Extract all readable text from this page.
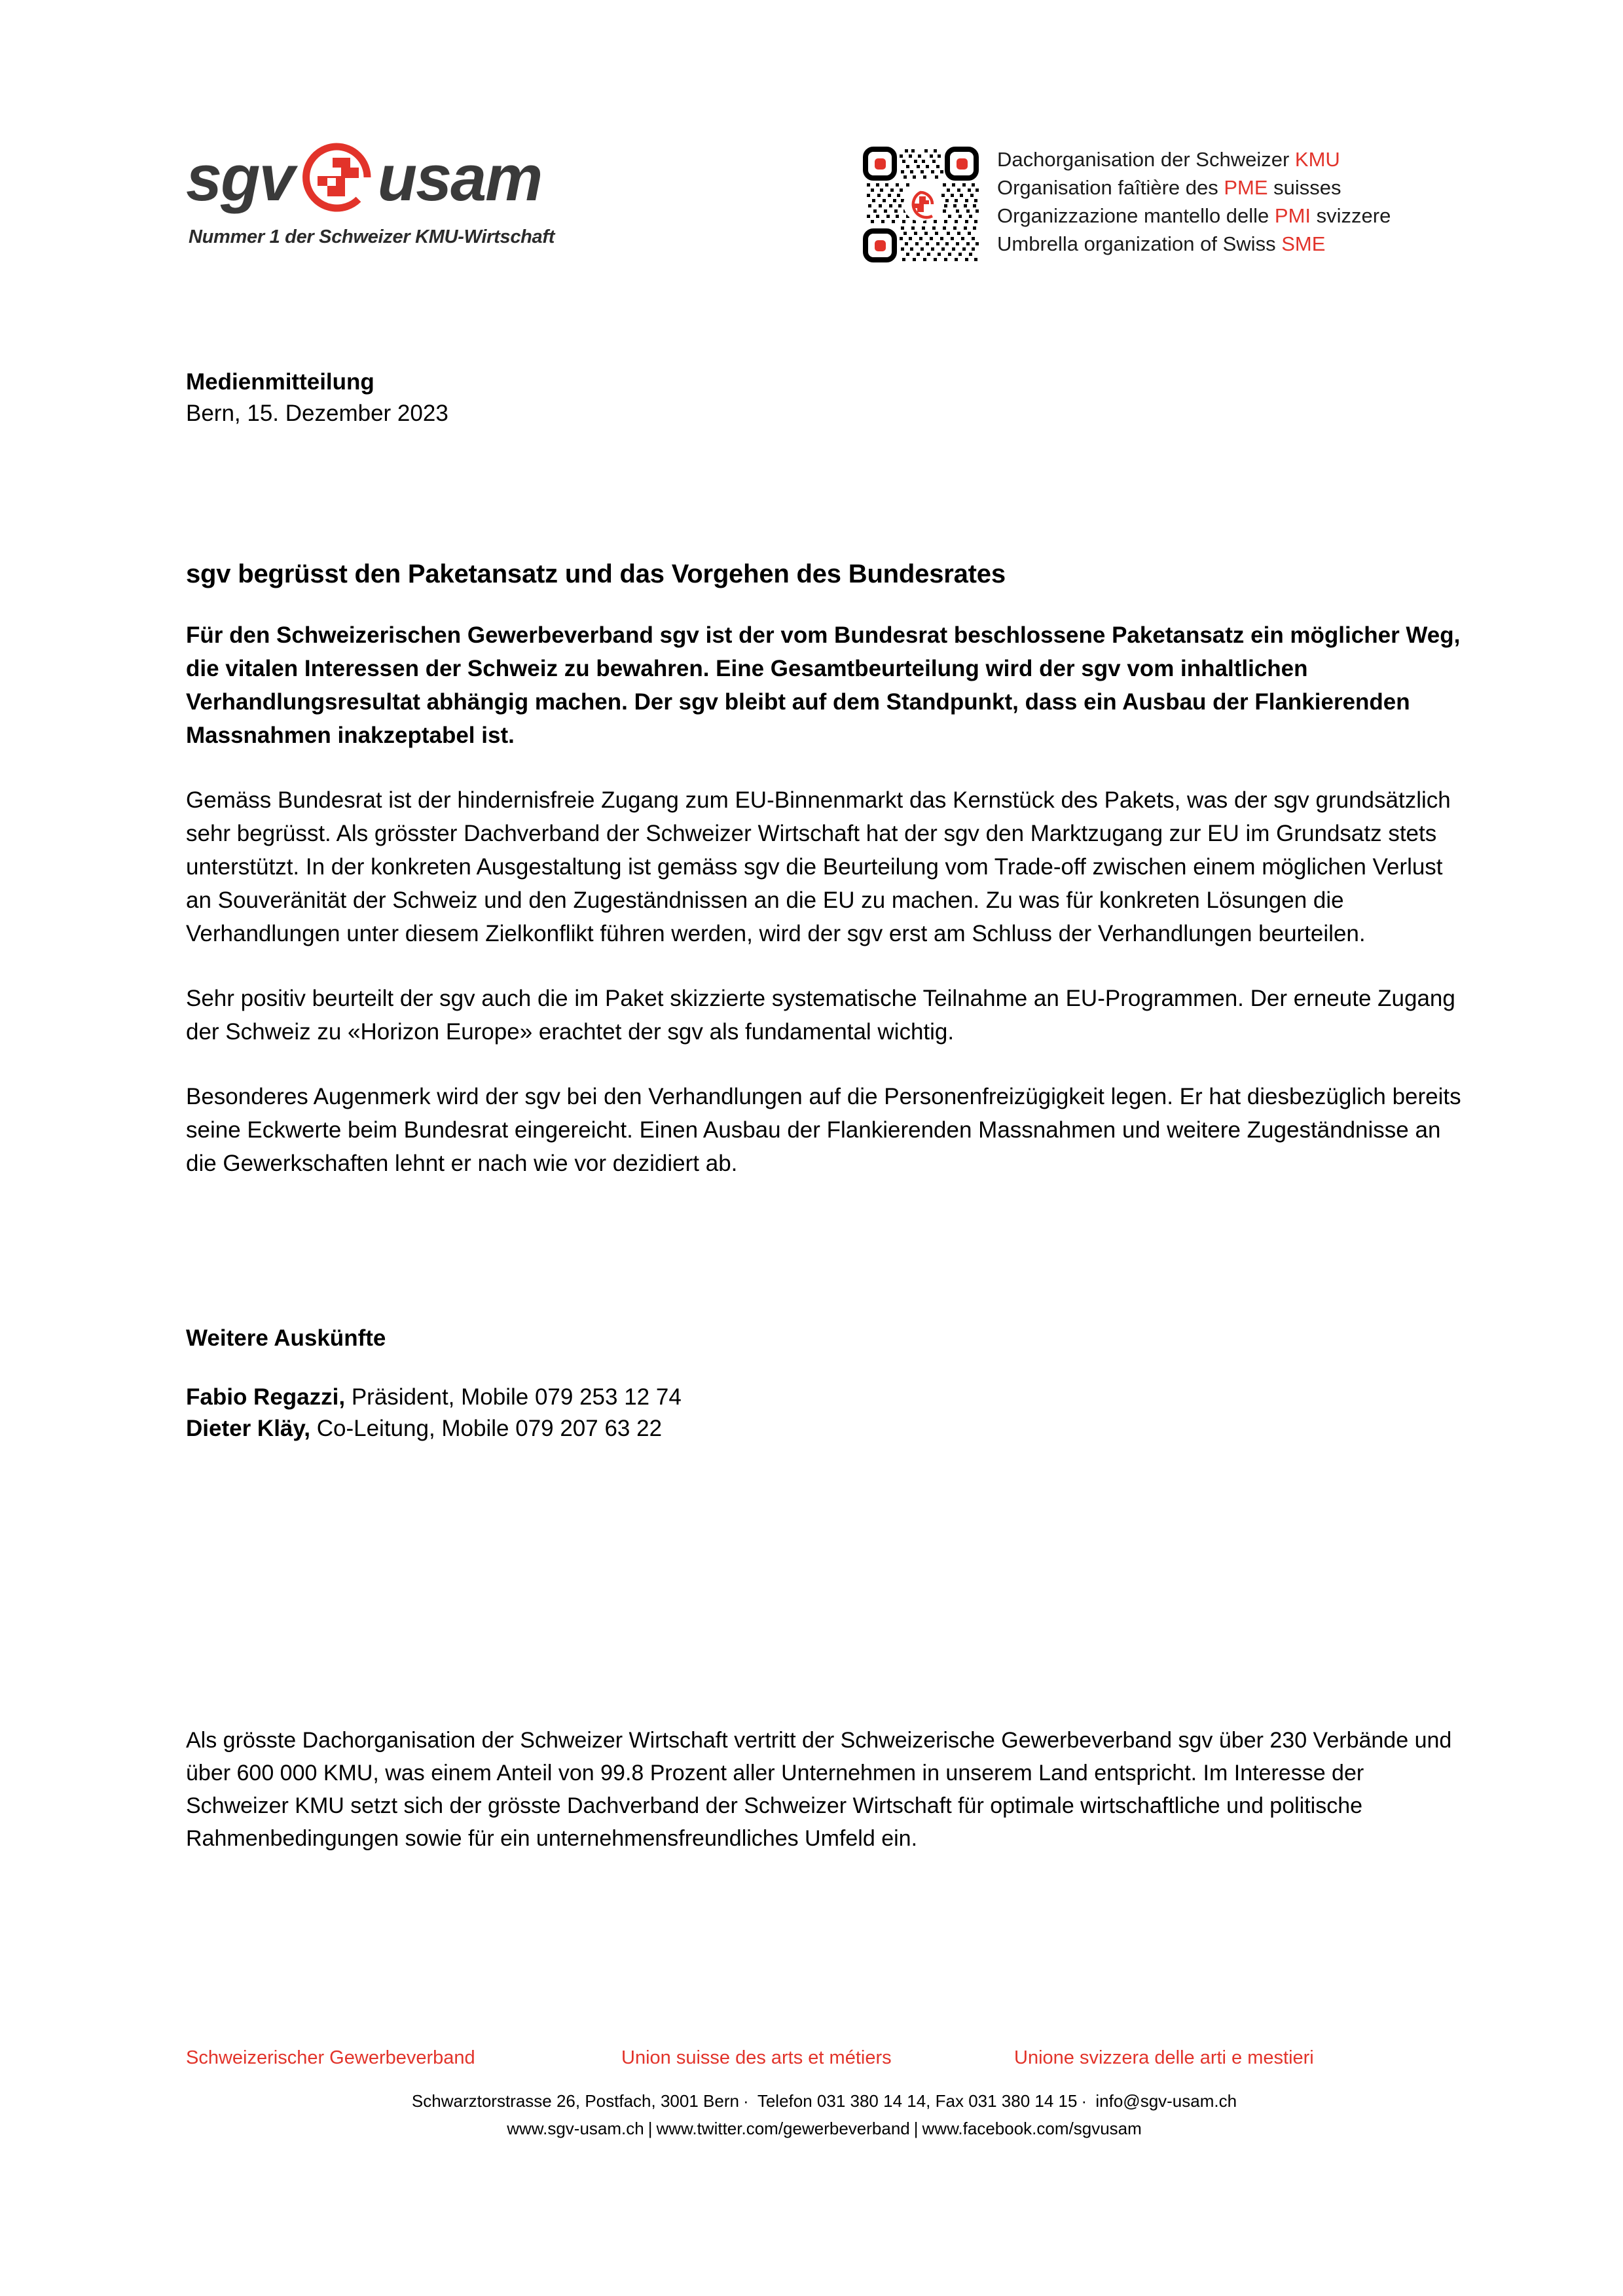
sgv usam
Nummer 1 der Schweizer KMU-Wirtschaft
Dachorganisation der Schweizer KMU
Organisation faîtière des PME suisses
Organizzazione mantello delle PMI svizzere
Umbrella organization of Swiss SME
Medienmitteilung
Bern, 15. Dezember 2023
sgv begrüsst den Paketansatz und das Vorgehen des Bundesrates

Für den Schweizerischen Gewerbeverband sgv ist der vom Bundesrat beschlossene Paketansatz ein möglicher Weg, die vitalen Interessen der Schweiz zu bewahren. Eine Gesamtbeurteilung wird der sgv vom inhaltlichen Verhandlungsresultat abhängig machen. Der sgv bleibt auf dem Standpunkt, dass ein Ausbau der Flankierenden Massnahmen inakzeptabel ist.

Gemäss Bundesrat ist der hindernisfreie Zugang zum EU-Binnenmarkt das Kernstück des Pakets, was der sgv grundsätzlich sehr begrüsst. Als grösster Dachverband der Schweizer Wirtschaft hat der sgv den Marktzugang zur EU im Grundsatz stets unterstützt. In der konkreten Ausgestaltung ist gemäss sgv die Beurteilung vom Trade-off zwischen einem möglichen Verlust an Souveränität der Schweiz und den Zugeständnissen an die EU zu machen. Zu was für konkreten Lösungen die Verhandlungen unter diesem Zielkonflikt führen werden, wird der sgv erst am Schluss der Verhandlungen beurteilen.

Sehr positiv beurteilt der sgv auch die im Paket skizzierte systematische Teilnahme an EU-Programmen. Der erneute Zugang der Schweiz zu «Horizon Europe» erachtet der sgv als fundamental wichtig.

Besonderes Augenmerk wird der sgv bei den Verhandlungen auf die Personenfreizügigkeit legen. Er hat diesbezüglich bereits seine Eckwerte beim Bundesrat eingereicht. Einen Ausbau der Flankierenden Massnahmen und weitere Zugeständnisse an die Gewerkschaften lehnt er nach wie vor dezidiert ab.

Weitere Auskünfte
Fabio Regazzi, Präsident, Mobile 079 253 12 74
Dieter Kläy, Co-Leitung, Mobile 079 207 63 22

Als grösste Dachorganisation der Schweizer Wirtschaft vertritt der Schweizerische Gewerbeverband sgv über 230 Verbände und über 600 000 KMU, was einem Anteil von 99.8 Prozent aller Unternehmen in unserem Land entspricht. Im Interesse der Schweizer KMU setzt sich der grösste Dachverband der Schweizer Wirtschaft für optimale wirtschaftliche und politische Rahmenbedingungen sowie für ein unternehmensfreundliches Umfeld ein.

Schweizerischer Gewerbeverband	Union suisse des arts et métiers	Unione svizzera delle arti e mestieri
Schwarztorstrasse 26, Postfach, 3001 Bern · Telefon 031 380 14 14, Fax 031 380 14 15 · info@sgv-usam.ch
www.sgv-usam.ch | www.twitter.com/gewerbeverband | www.facebook.com/sgvusam
